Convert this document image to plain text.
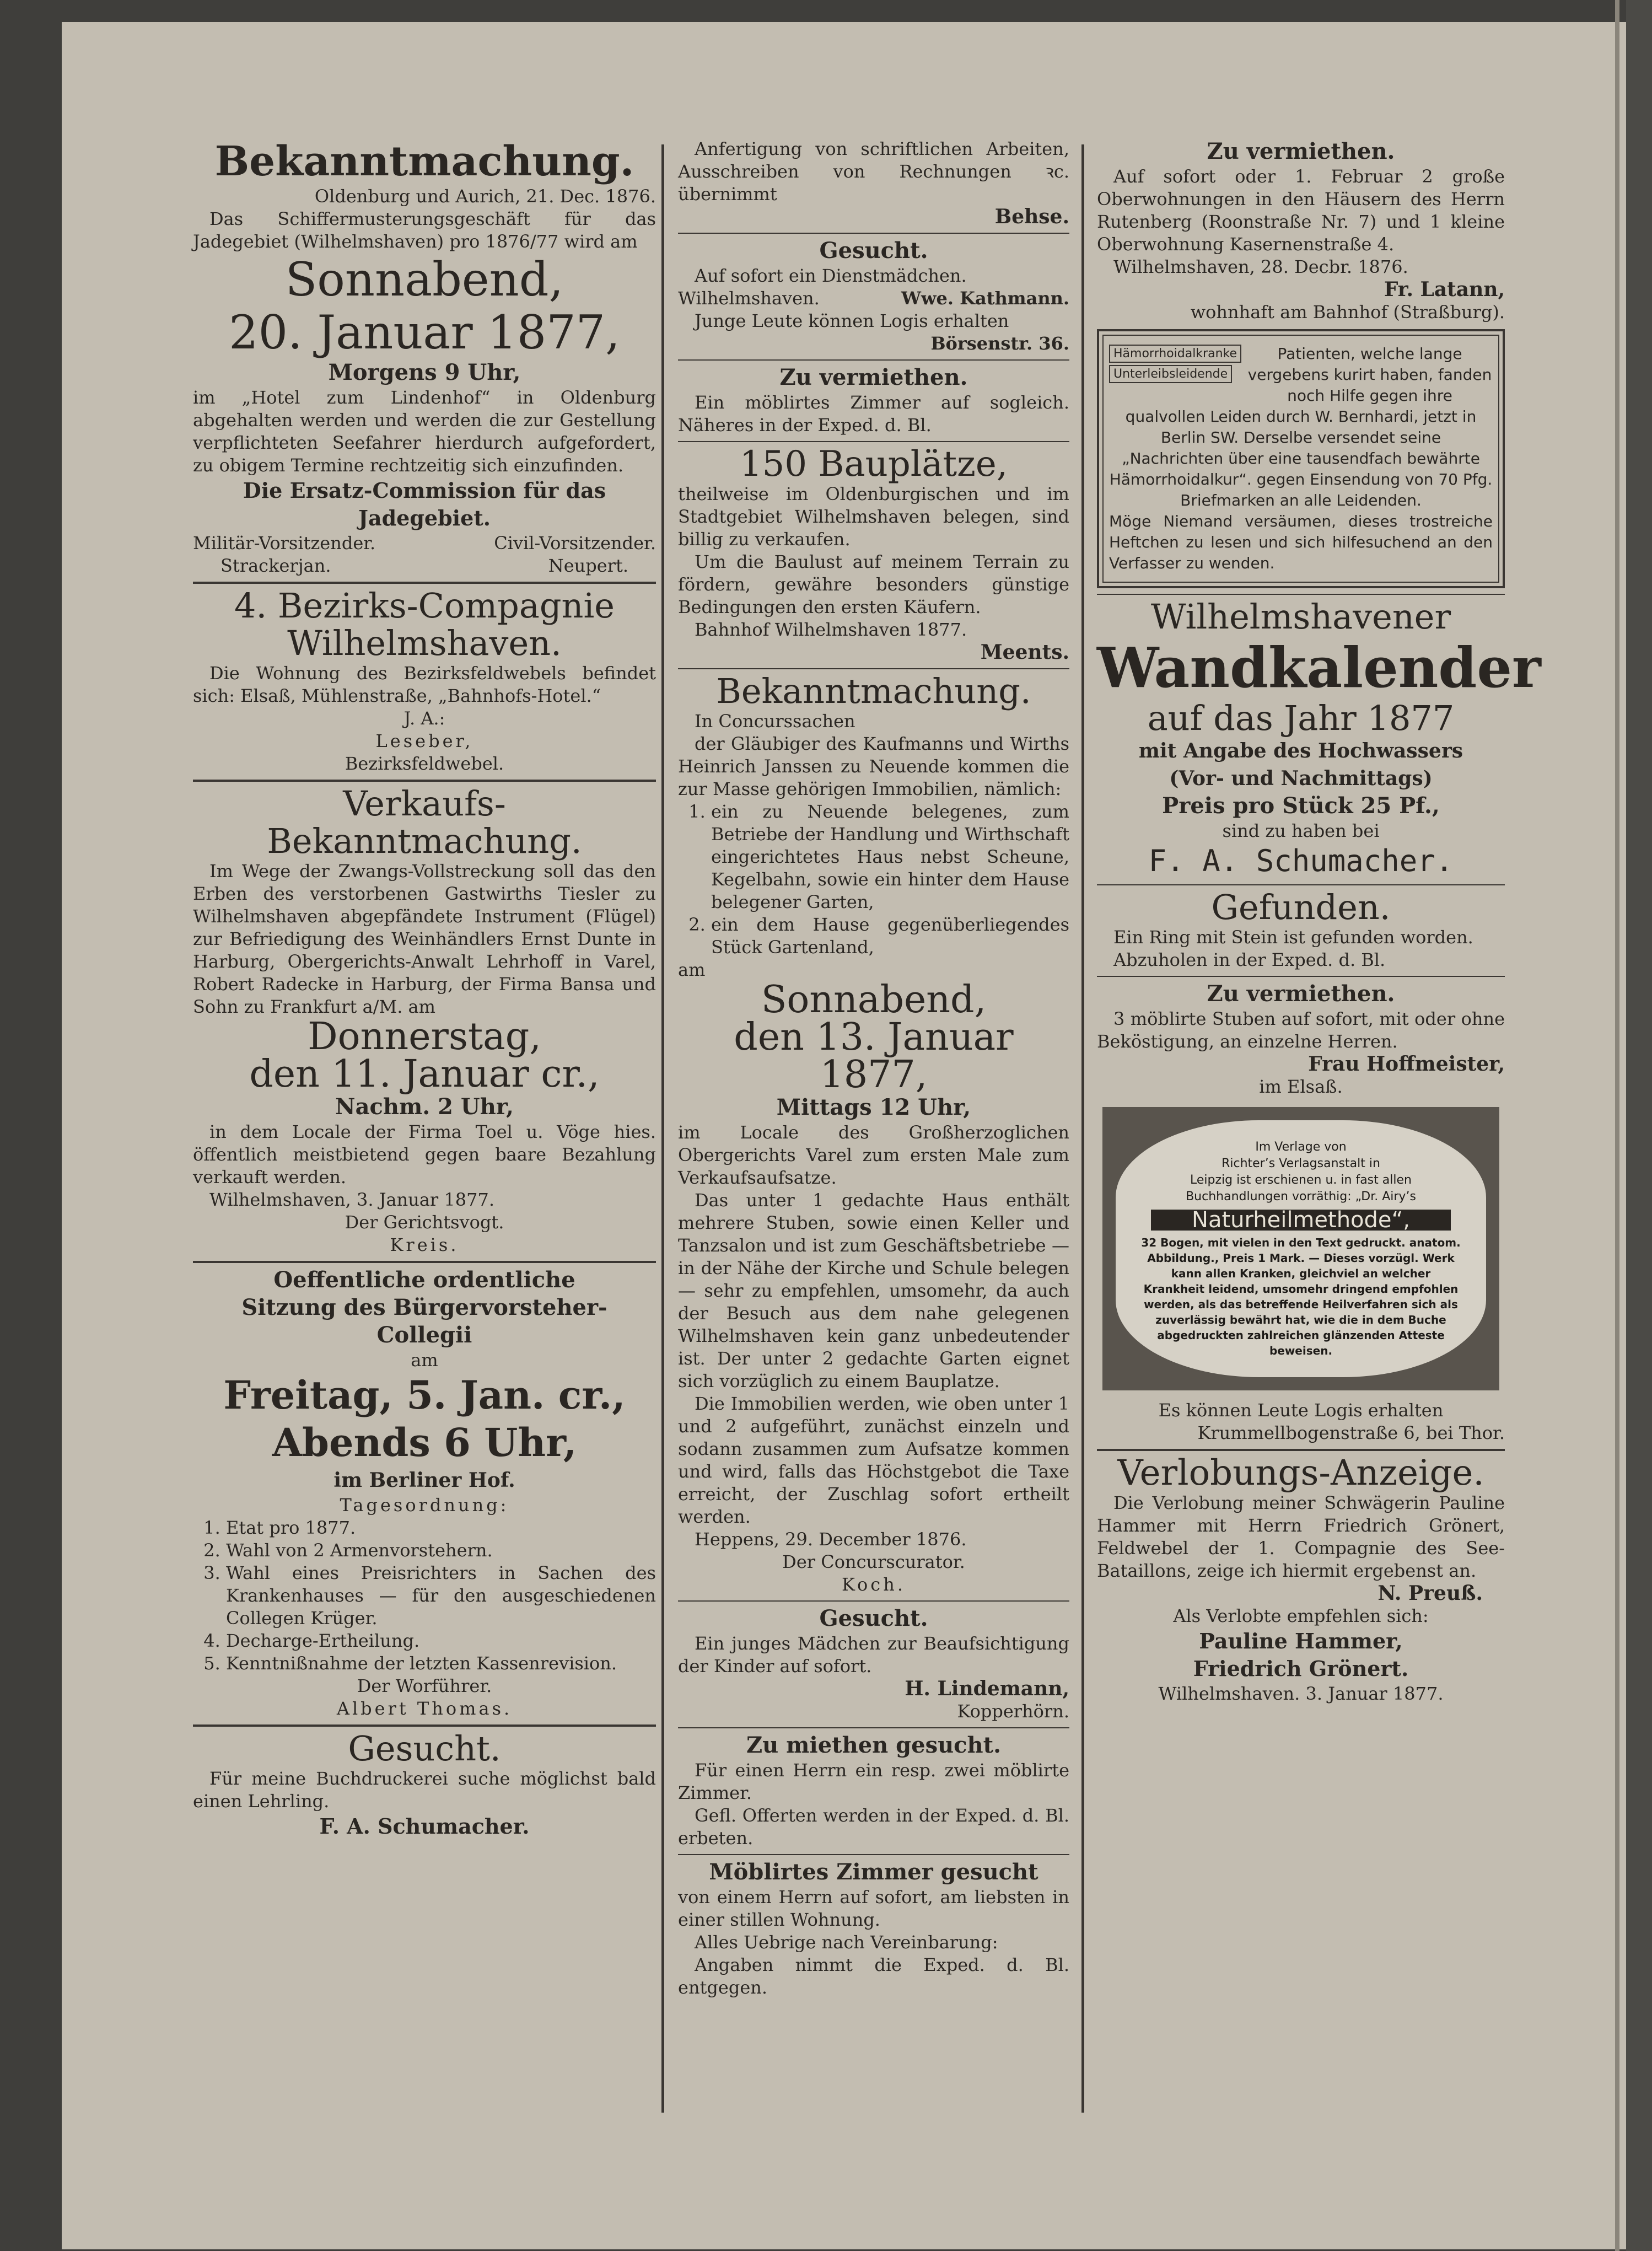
Bekanntmachung.

Oldenburg und Aurich, 21. Dec. 1876.

Das Schiffermusterungsgeschäft für das Jadegebiet (Wilhelmshaven) pro 1876/77 wird am

Sonnabend,

20. Januar 1877,

Morgens 9 Uhr,

im „Hotel zum Lindenhof“ in Oldenburg abgehalten werden und werden die zur Gestellung verpflichteten Seefahrer hierdurch aufgefordert, zu obigem Termine rechtzeitig sich einzufinden.

Die Ersatz-Commission für das Jadegebiet.

Militär-Vorsitzender.	Civil-Vorsitzender.
Strackerjan.	Neupert.

4. Bezirks-Compagnie

Wilhelmshaven.

Die Wohnung des Bezirksfeldwebels befindet sich: Elsaß, Mühlenstraße, „Bahnhofs-Hotel.“

J. A.:

Leseber,

Bezirksfeldwebel.

Verkaufs-

Bekanntmachung.

Im Wege der Zwangs-Vollstreckung soll das den Erben des verstorbenen Gastwirths Tiesler zu Wilhelmshaven abgepfändete Instrument (Flügel) zur Befriedigung des Weinhändlers Ernst Dunte in Harburg, Obergerichts-Anwalt Lehrhoff in Varel, Robert Radecke in Harburg, der Firma Bansa und Sohn zu Frankfurt a/M. am

Donnerstag,

den 11. Januar cr.,

Nachm. 2 Uhr,

in dem Locale der Firma Toel u. Vöge hies. öffentlich meistbietend gegen baare Bezahlung verkauft werden.

Wilhelmshaven, 3. Januar 1877.

Der Gerichtsvogt.

Kreis.

Oeffentliche ordentliche

Sitzung des Bürgervorsteher-

Collegii

am

Freitag, 5. Jan. cr.,

Abends 6 Uhr,

im Berliner Hof.

Tagesordnung:

1. Etat pro 1877.
2. Wahl von 2 Armenvorstehern.
3. Wahl eines Preisrichters in Sachen des Krankenhauses — für den ausgeschiedenen Collegen Krüger.
4. Decharge-Ertheilung.
5. Kenntnißnahme der letzten Kassenrevision.

Der Worführer.

Albert Thomas.

Gesucht.

Für meine Buchdruckerei suche möglichst bald einen Lehrling.

F. A. Schumacher.

Anfertigung von schriftlichen Arbeiten, Ausschreiben von Rechnungen ꝛc. übernimmt

Behse.

Gesucht.

Auf sofort ein Dienstmädchen.

Wilhelmshaven.	Wwe. Kathmann.

Junge Leute können Logis erhalten

Börsenstr. 36.

Zu vermiethen.

Ein möblirtes Zimmer auf sogleich. Näheres in der Exped. d. Bl.

150 Bauplätze,

theilweise im Oldenburgischen und im Stadtgebiet Wilhelmshaven belegen, sind billig zu verkaufen.

Um die Baulust auf meinem Terrain zu fördern, gewähre besonders günstige Bedingungen den ersten Käufern.

Bahnhof Wilhelmshaven 1877.

Meents.

Bekanntmachung.

In Concurssachen

der Gläubiger des Kaufmanns und Wirths Heinrich Janssen zu Neuende kommen die zur Masse gehörigen Immobilien, nämlich:

1. ein zu Neuende belegenes, zum Betriebe der Handlung und Wirthschaft eingerichtetes Haus nebst Scheune, Kegelbahn, sowie ein hinter dem Hause belegener Garten,
2. ein dem Hause gegenüberliegendes Stück Gartenland,

am

Sonnabend,

den 13. Januar 1877,

Mittags 12 Uhr,

im Locale des Großherzoglichen Obergerichts Varel zum ersten Male zum Verkaufsaufsatze.

Das unter 1 gedachte Haus enthält mehrere Stuben, sowie einen Keller und Tanzsalon und ist zum Geschäftsbetriebe — in der Nähe der Kirche und Schule belegen — sehr zu empfehlen, umsomehr, da auch der Besuch aus dem nahe gelegenen Wilhelmshaven kein ganz unbedeutender ist. Der unter 2 gedachte Garten eignet sich vorzüglich zu einem Bauplatze.

Die Immobilien werden, wie oben unter 1 und 2 aufgeführt, zunächst einzeln und sodann zusammen zum Aufsatze kommen und wird, falls das Höchstgebot die Taxe erreicht, der Zuschlag sofort ertheilt werden.

Heppens, 29. December 1876.

Der Concurscurator.

Koch.

Gesucht.

Ein junges Mädchen zur Beaufsichtigung der Kinder auf sofort.

H. Lindemann,

Kopperhörn.

Zu miethen gesucht.

Für einen Herrn ein resp. zwei möblirte Zimmer.

Gefl. Offerten werden in der Exped. d. Bl. erbeten.

Möblirtes Zimmer gesucht

von einem Herrn auf sofort, am liebsten in einer stillen Wohnung.

Alles Uebrige nach Vereinbarung:

Angaben nimmt die Exped. d. Bl. entgegen.

Zu vermiethen.

Auf sofort oder 1. Februar 2 große Oberwohnungen in den Häusern des Herrn Rutenberg (Roonstraße Nr. 7) und 1 kleine Oberwohnung Kasernenstraße 4.

Wilhelmshaven, 28. Decbr. 1876.

Fr. Latann,

wohnhaft am Bahnhof (Straßburg).

Hämorrhoidalkranke
Unterleibsleidende

Patienten, welche lange vergebens kurirt haben, fanden noch Hilfe gegen ihre qualvollen Leiden durch W. Bernhardi, jetzt in Berlin SW. Derselbe versendet seine „Nachrichten über eine tausendfach bewährte Hämorrhoidalkur“. gegen Einsendung von 70 Pfg. Briefmarken an alle Leidenden.

Möge Niemand versäumen, dieses trostreiche Heftchen zu lesen und sich hilfesuchend an den Verfasser zu wenden.

Wilhelmshavener

Wandkalender

auf das Jahr 1877

mit Angabe des Hochwassers

(Vor- und Nachmittags)

Preis pro Stück 25 Pf.,

sind zu haben bei

F. A. Schumacher.

Gefunden.

Ein Ring mit Stein ist gefunden worden.

Abzuholen in der Exped. d. Bl.

Zu vermiethen.

3 möblirte Stuben auf sofort, mit oder ohne Beköstigung, an einzelne Herren.

Frau Hoffmeister,

im Elsaß.

Im Verlage von
Richter’s Verlagsanstalt in
Leipzig ist erschienen u. in fast allen
Buchhandlungen vorräthig: „Dr. Airy’s
Naturheilmethode“,
32 Bogen, mit vielen in den Text gedruckt. anatom. Abbildung., Preis 1 Mark. — Dieses vorzügl. Werk kann allen Kranken, gleichviel an welcher Krankheit leidend, umsomehr dringend empfohlen werden, als das betreffende Heilverfahren sich als zuverlässig bewährt hat, wie die in dem Buche abgedruckten zahlreichen glänzenden Atteste beweisen.

Es können Leute Logis erhalten

Krummellbogenstraße 6, bei Thor.

Verlobungs-Anzeige.

Die Verlobung meiner Schwägerin Pauline Hammer mit Herrn Friedrich Grönert, Feldwebel der 1. Compagnie des See-Bataillons, zeige ich hiermit ergebenst an.

N. Preuß.

Als Verlobte empfehlen sich:

Pauline Hammer,

Friedrich Grönert.

Wilhelmshaven. 3. Januar 1877.
